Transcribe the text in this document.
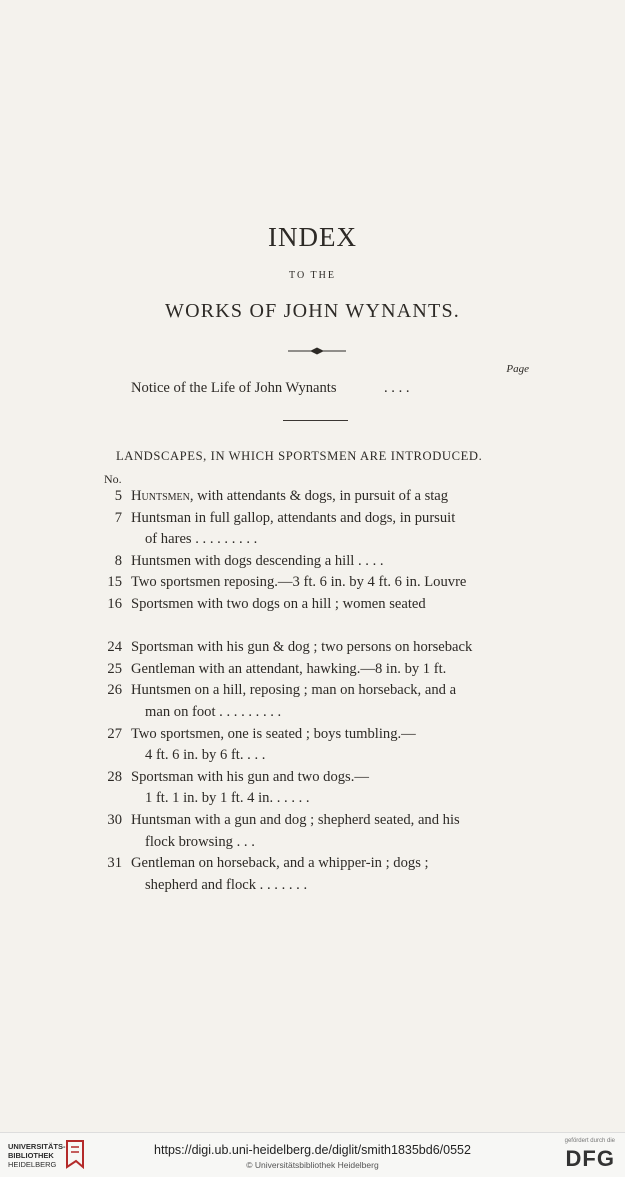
INDEX
TO THE
WORKS OF JOHN WYNANTS.
Page
Notice of the Life of John Wynants	. . . .
LANDSCAPES, IN WHICH SPORTSMEN ARE INTRODUCED.
No.
5 Huntsmen, with attendants & dogs, in pursuit of a stag
7 Huntsman in full gallop, attendants and dogs, in pursuit
of hares . . . . . . . . .
8 Huntsmen with dogs descending a hill . . . .
15 Two sportsmen reposing.—3 ft. 6 in. by 4 ft. 6 in. Louvre
16 Sportsmen with two dogs on a hill ; women seated
24 Sportsman with his gun & dog ; two persons on horseback
25 Gentleman with an attendant, hawking.—8 in. by 1 ft.
26 Huntsmen on a hill, reposing ; man on horseback, and a
man on foot . . . . . . . . .
27 Two sportsmen, one is seated ; boys tumbling.—
4 ft. 6 in. by 6 ft. . . .
28 Sportsman with his gun and two dogs.—
1 ft. 1 in. by 1 ft. 4 in. . . . . .
30 Huntsman with a gun and dog ; shepherd seated, and his
flock browsing . . .
31 Gentleman on horseback, and a whipper-in ; dogs ;
shepherd and flock . . . . . . .
UNIVERSITÄTS-
BIBLIOTHEK
HEIDELBERG
https://digi.ub.uni-heidelberg.de/diglit/smith1835bd6/0552
© Universitätsbibliothek Heidelberg
gefördert durch die
DFG
